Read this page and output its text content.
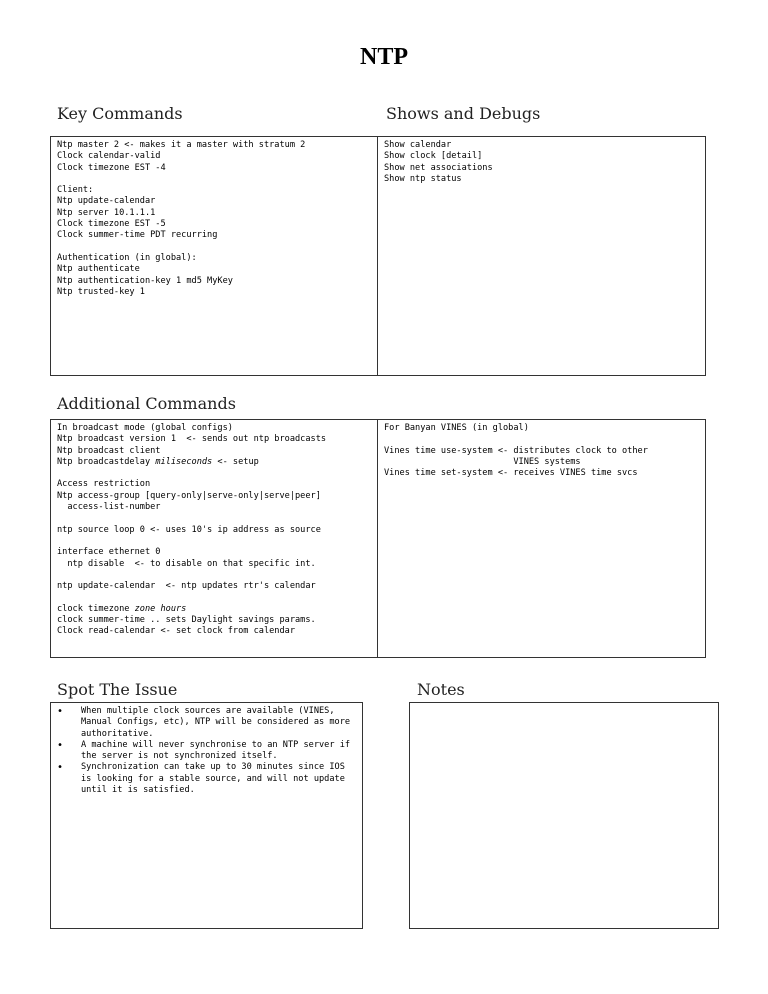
NTP
Key Commands	Shows and Debugs
Ntp master 2 <- makes it a master with stratum 2
Clock calendar-valid
Clock timezone EST -4
Client:
Ntp update-calendar
Ntp server 10.1.1.1
Clock timezone EST -5
Clock summer-time PDT recurring
Authentication (in global):
Ntp authenticate
Ntp authentication-key 1 md5 MyKey
Ntp trusted-key 1
Show calendar
Show clock [detail]
Show net associations
Show ntp status
Additional Commands
In broadcast mode (global configs)
Ntp broadcast version 1  <- sends out ntp broadcasts
Ntp broadcast client
Ntp broadcastdelay miliseconds <- setup
Access restriction
Ntp access-group [query-only|serve-only|serve|peer]
access-list-number
ntp source loop 0 <- uses 10's ip address as source
interface ethernet 0
ntp disable  <- to disable on that specific int.
ntp update-calendar  <- ntp updates rtr's calendar
clock timezone zone hours
clock summer-time .. sets Daylight savings params.
Clock read-calendar <- set clock from calendar
For Banyan VINES (in global)
Vines time use-system <- distributes clock to other
VINES systems
Vines time set-system <- receives VINES time svcs
Spot The Issue	Notes
• When multiple clock sources are available (VINES, Manual Configs, etc), NTP will be considered as more authoritative.
• A machine will never synchronise to an NTP server if the server is not synchronized itself.
• Synchronization can take up to 30 minutes since IOS is looking for a stable source, and will not update until it is satisfied.
